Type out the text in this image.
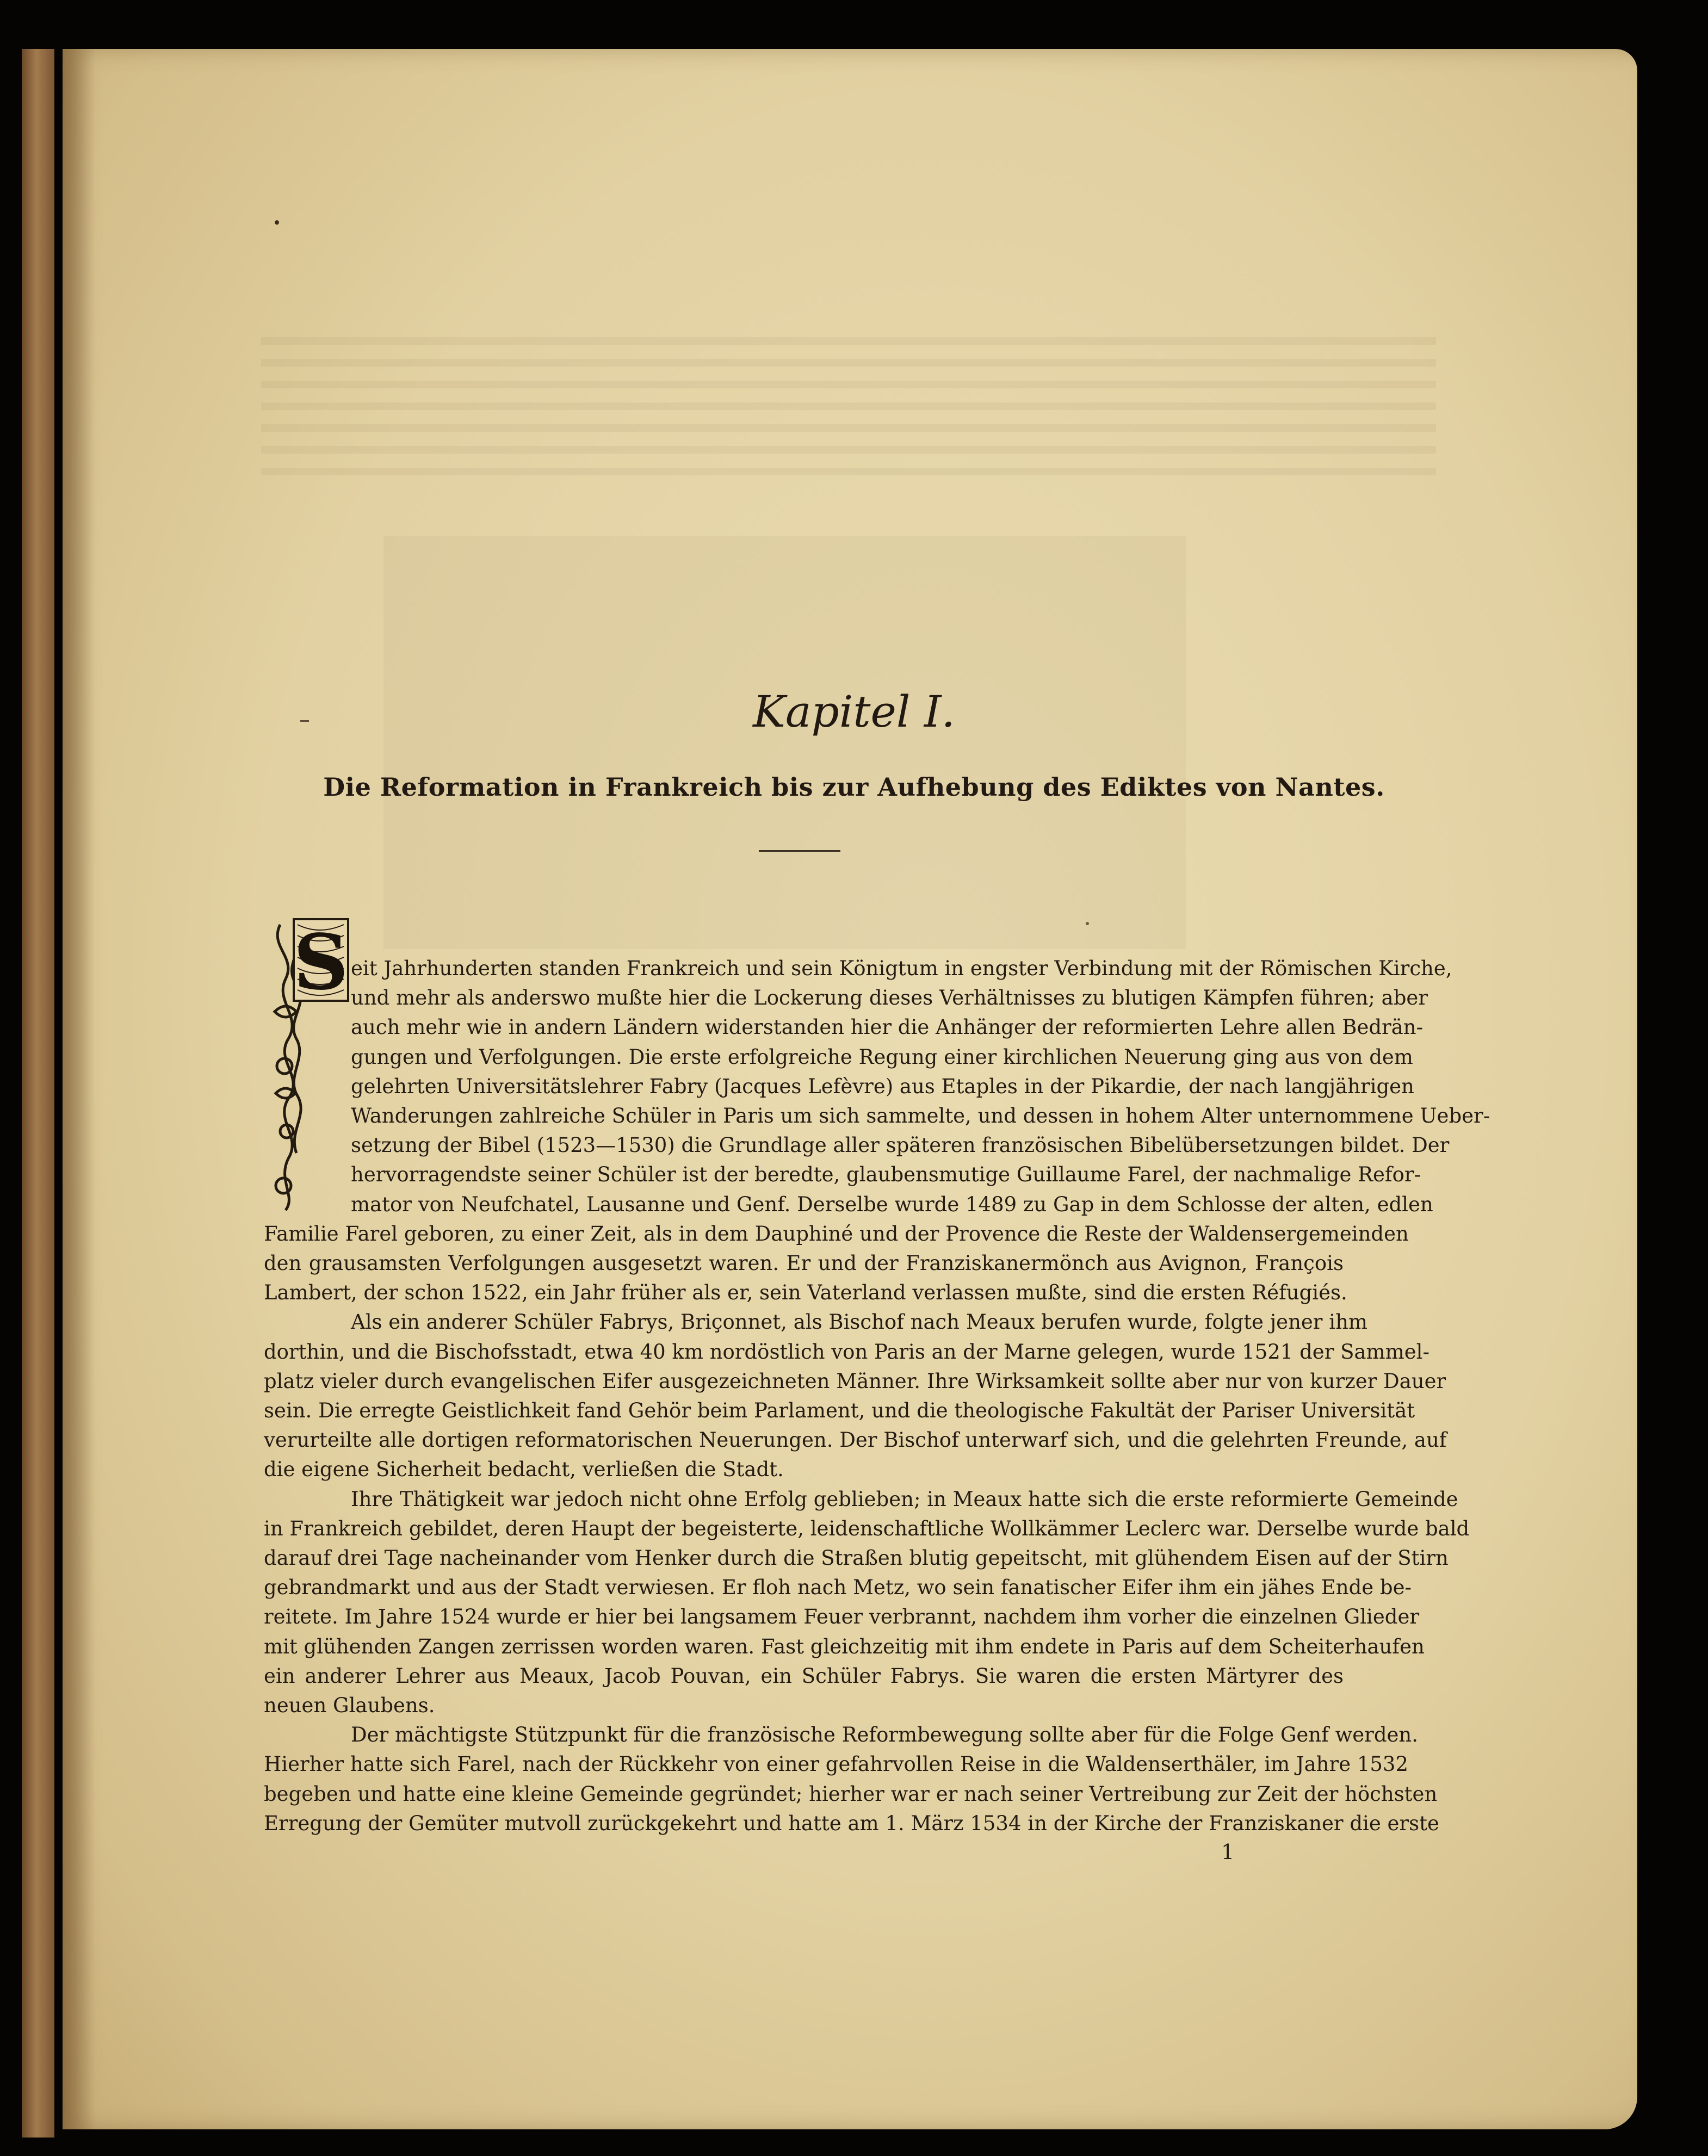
Kapitel I.
Die Reformation in Frankreich bis zur Aufhebung des Ediktes von Nantes.
S eit Jahrhunderten standen Frankreich und sein Königtum in engster Verbindung mit der Römischen Kirche,
und mehr als anderswo mußte hier die Lockerung dieses Verhältnisses zu blutigen Kämpfen führen; aber
auch mehr wie in andern Ländern widerstanden hier die Anhänger der reformierten Lehre allen Bedrän-
gungen und Verfolgungen. Die erste erfolgreiche Regung einer kirchlichen Neuerung ging aus von dem
gelehrten Universitätslehrer Fabry (Jacques Lefèvre) aus Etaples in der Pikardie, der nach langjährigen
Wanderungen zahlreiche Schüler in Paris um sich sammelte, und dessen in hohem Alter unternommene Ueber-
setzung der Bibel (1523—1530) die Grundlage aller späteren französischen Bibelübersetzungen bildet. Der
hervorragendste seiner Schüler ist der beredte, glaubensmutige Guillaume Farel, der nachmalige Refor-
mator von Neufchatel, Lausanne und Genf. Derselbe wurde 1489 zu Gap in dem Schlosse der alten, edlen
Familie Farel geboren, zu einer Zeit, als in dem Dauphiné und der Provence die Reste der Waldensergemeinden
den grausamsten Verfolgungen ausgesetzt waren. Er und der Franziskanermönch aus Avignon, François
Lambert, der schon 1522, ein Jahr früher als er, sein Vaterland verlassen mußte, sind die ersten Réfugiés.
Als ein anderer Schüler Fabrys, Briçonnet, als Bischof nach Meaux berufen wurde, folgte jener ihm
dorthin, und die Bischofsstadt, etwa 40 km nordöstlich von Paris an der Marne gelegen, wurde 1521 der Sammel-
platz vieler durch evangelischen Eifer ausgezeichneten Männer. Ihre Wirksamkeit sollte aber nur von kurzer Dauer
sein. Die erregte Geistlichkeit fand Gehör beim Parlament, und die theologische Fakultät der Pariser Universität
verurteilte alle dortigen reformatorischen Neuerungen. Der Bischof unterwarf sich, und die gelehrten Freunde, auf
die eigene Sicherheit bedacht, verließen die Stadt.
Ihre Thätigkeit war jedoch nicht ohne Erfolg geblieben; in Meaux hatte sich die erste reformierte Gemeinde
in Frankreich gebildet, deren Haupt der begeisterte, leidenschaftliche Wollkämmer Leclerc war. Derselbe wurde bald
darauf drei Tage nacheinander vom Henker durch die Straßen blutig gepeitscht, mit glühendem Eisen auf der Stirn
gebrandmarkt und aus der Stadt verwiesen. Er floh nach Metz, wo sein fanatischer Eifer ihm ein jähes Ende be-
reitete. Im Jahre 1524 wurde er hier bei langsamem Feuer verbrannt, nachdem ihm vorher die einzelnen Glieder
mit glühenden Zangen zerrissen worden waren. Fast gleichzeitig mit ihm endete in Paris auf dem Scheiterhaufen
ein anderer Lehrer aus Meaux, Jacob Pouvan, ein Schüler Fabrys. Sie waren die ersten Märtyrer des
neuen Glaubens.
Der mächtigste Stützpunkt für die französische Reformbewegung sollte aber für die Folge Genf werden.
Hierher hatte sich Farel, nach der Rückkehr von einer gefahrvollen Reise in die Waldenserthäler, im Jahre 1532
begeben und hatte eine kleine Gemeinde gegründet; hierher war er nach seiner Vertreibung zur Zeit der höchsten
Erregung der Gemüter mutvoll zurückgekehrt und hatte am 1. März 1534 in der Kirche der Franziskaner die erste
1
